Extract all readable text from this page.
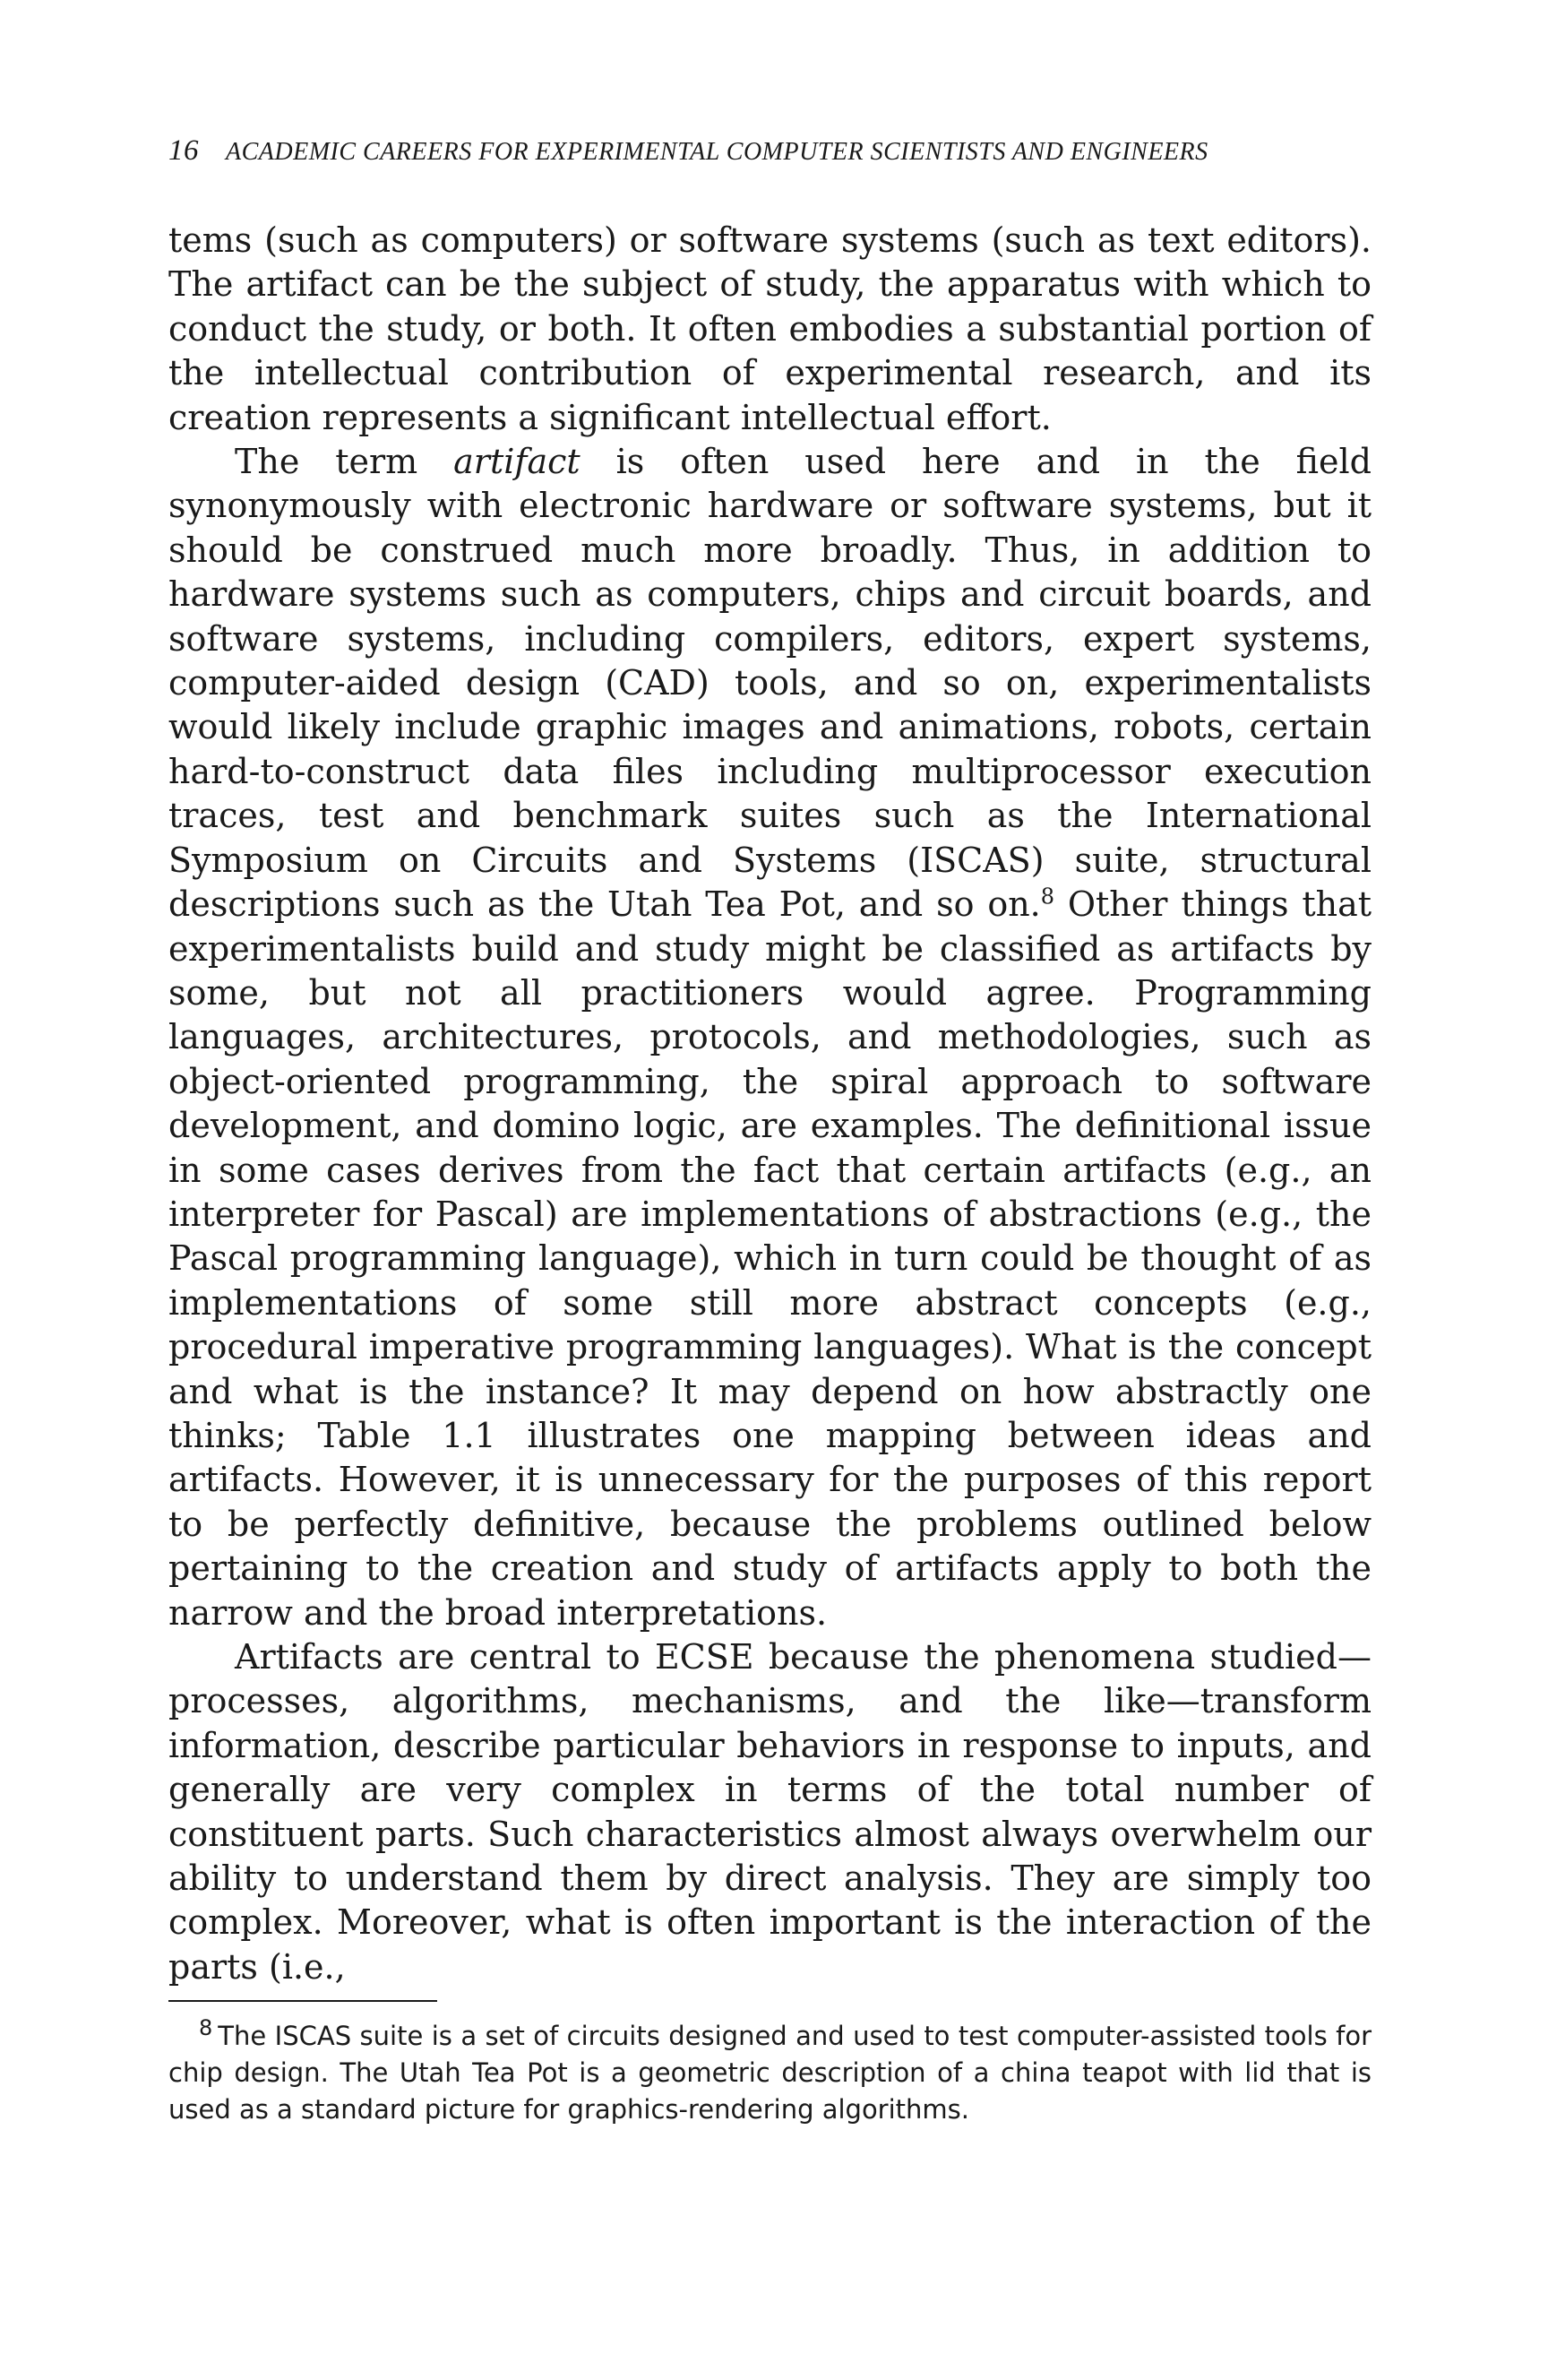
16 ACADEMIC CAREERS FOR EXPERIMENTAL COMPUTER SCIENTISTS AND ENGINEERS

tems (such as computers) or software systems (such as text editors). The artifact can be the subject of study, the apparatus with which to conduct the study, or both. It often embodies a substantial portion of the intellectual contribution of experimental research, and its creation represents a significant intellectual effort.

The term artifact is often used here and in the field synonymously with electronic hardware or software systems, but it should be construed much more broadly. Thus, in addition to hardware systems such as computers, chips and circuit boards, and software systems, including compilers, editors, expert systems, computer-aided design (CAD) tools, and so on, experimentalists would likely include graphic images and animations, robots, certain hard-to-construct data files including multiprocessor execution traces, test and benchmark suites such as the International Symposium on Circuits and Systems (ISCAS) suite, structural descriptions such as the Utah Tea Pot, and so on.$^8$ Other things that experimentalists build and study might be classified as artifacts by some, but not all practitioners would agree. Programming languages, architectures, protocols, and methodologies, such as object-oriented programming, the spiral approach to software development, and domino logic, are examples. The definitional issue in some cases derives from the fact that certain artifacts (e.g., an interpreter for Pascal) are implementations of abstractions (e.g., the Pascal programming language), which in turn could be thought of as implementations of some still more abstract concepts (e.g., procedural imperative programming languages). What is the concept and what is the instance? It may depend on how abstractly one thinks; Table 1.1 illustrates one mapping between ideas and artifacts. However, it is unnecessary for the purposes of this report to be perfectly definitive, because the problems outlined below pertaining to the creation and study of artifacts apply to both the narrow and the broad interpretations.

Artifacts are central to ECSE because the phenomena studied—processes, algorithms, mechanisms, and the like—transform information, describe particular behaviors in response to inputs, and generally are very complex in terms of the total number of constituent parts. Such characteristics almost always overwhelm our ability to understand them by direct analysis. They are simply too complex. Moreover, what is often important is the interaction of the parts (i.e.,

$^8$ The ISCAS suite is a set of circuits designed and used to test computer-assisted tools for chip design. The Utah Tea Pot is a geometric description of a china teapot with lid that is used as a standard picture for graphics-rendering algorithms.
